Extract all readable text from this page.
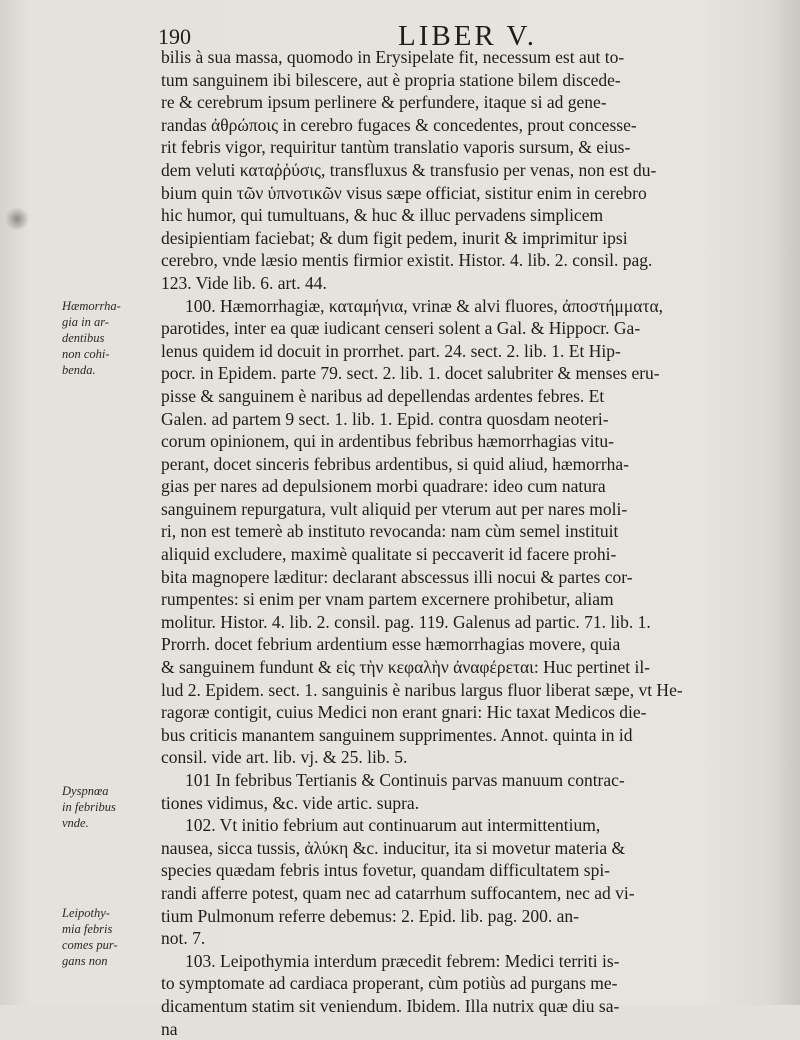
190	LIBER V.
Hæmorrha-
gia in ar-
dentibus
non cohi-
benda.
Dyspnœa
in febribus
vnde.
Leipothy-
mia febris
comes pur-
gans non
bilis à sua massa, quomodo in Erysipelate fit, necessum est aut to-
tum sanguinem ibi bilescere, aut è propria statione bilem discede-
re & cerebrum ipsum perlinere & perfundere, itaque si ad gene-
randas ἀθρώποις in cerebro fugaces & concedentes, prout concesse-
rit febris vigor, requiritur tantùm translatio vaporis sursum, & eius-
dem veluti καταῤῥύσις, transfluxus & transfusio per venas, non est du-
bium quin τῶν ὑπνοτικῶν visus sæpe officiat, sistitur enim in cerebro
hic humor, qui tumultuans, & huc & illuc pervadens simplicem
desipientiam faciebat; & dum figit pedem, inurit & imprimitur ipsi
cerebro, vnde læsio mentis firmior existit. Histor. 4. lib. 2. consil. pag.
123. Vide lib. 6. art. 44.
100. Hæmorrhagiæ, καταμήνια, vrinæ & alvi fluores, ἀποστήμματα,
parotides, inter ea quæ iudicant censeri solent a Gal. & Hippocr. Ga-
lenus quidem id docuit in prorrhet. part. 24. sect. 2. lib. 1. Et Hip-
pocr. in Epidem. parte 79. sect. 2. lib. 1. docet salubriter & menses eru-
pisse & sanguinem è naribus ad depellendas ardentes febres. Et
Galen. ad partem 9 sect. 1. lib. 1. Epid. contra quosdam neoteri-
corum opinionem, qui in ardentibus febribus hæmorrhagias vitu-
perant, docet sinceris febribus ardentibus, si quid aliud, hæmorrha-
gias per nares ad depulsionem morbi quadrare: ideo cum natura
sanguinem repurgatura, vult aliquid per vterum aut per nares moli-
ri, non est temerè ab instituto revocanda: nam cùm semel instituit
aliquid excludere, maximè qualitate si peccaverit id facere prohi-
bita magnopere læditur: declarant abscessus illi nocui & partes cor-
rumpentes: si enim per vnam partem excernere prohibetur, aliam
molitur. Histor. 4. lib. 2. consil. pag. 119. Galenus ad partic. 71. lib. 1.
Prorrh. docet febrium ardentium esse hæmorrhagias movere, quia
& sanguinem fundunt & εἰς τὴν κεφαλὴν ἀναφέρεται: Huc pertinet il-
lud 2. Epidem. sect. 1. sanguinis è naribus largus fluor liberat sæpe, vt He-
ragoræ contigit, cuius Medici non erant gnari: Hic taxat Medicos die-
bus criticis manantem sanguinem supprimentes. Annot. quinta in id
consil. vide art. lib. vj. & 25. lib. 5.
101 In febribus Tertianis & Continuis parvas manuum contrac-
tiones vidimus, &c. vide artic. supra.
102. Vt initio febrium aut continuarum aut intermittentium,
nausea, sicca tussis, ἀλύκη &c. inducitur, ita si movetur materia &
species quædam febris intus fovetur, quandam difficultatem spi-
randi afferre potest, quam nec ad catarrhum suffocantem, nec ad vi-
tium Pulmonum referre debemus: 2. Epid. lib. pag. 200. an-
not. 7.
103. Leipothymia interdum præcedit febrem: Medici territi is-
to symptomate ad cardiaca properant, cùm potiùs ad purgans me-
dicamentum statim sit veniendum. Ibidem. Illa nutrix quæ diu sa-
na
